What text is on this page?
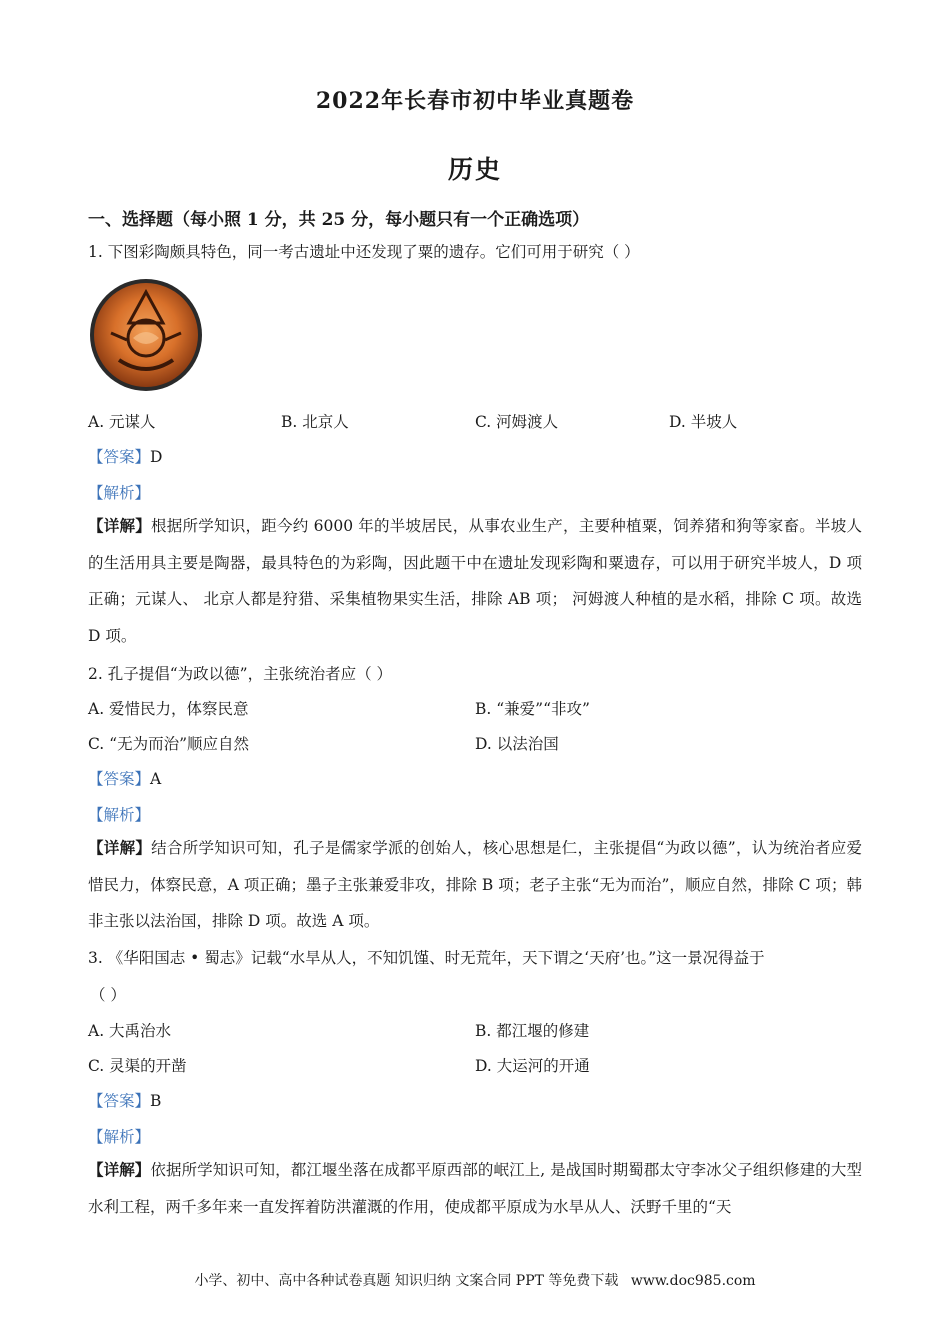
2022年长春市初中毕业真题卷
历史
一、选择题（每小照 1 分，共 25 分，每小题只有一个正确选项）
1. 下图彩陶颇具特色，同一考古遗址中还发现了粟的遗存。它们可用于研究（ ）
A. 元谋人	B. 北京人	C. 河姆渡人	D. 半坡人
【答案】D
【解析】
【详解】根据所学知识，距今约 6000 年的半坡居民，从事农业生产，主要种植粟，饲养猪和狗等家畜。半坡人的生活用具主要是陶器，最具特色的为彩陶，因此题干中在遗址发现彩陶和粟遗存，可以用于研究半坡人，D 项正确；元谋人、 北京人都是狩猎、采集植物果实生活，排除 AB 项； 河姆渡人种植的是水稻，排除 C 项。故选 D 项。
2. 孔子提倡“为政以德”，主张统治者应（ ）
A. 爱惜民力，体察民意	B. “兼爱”“非攻”
C. “无为而治”顺应自然	D. 以法治国
【答案】A
【解析】
【详解】结合所学知识可知，孔子是儒家学派的创始人，核心思想是仁，主张提倡“为政以德”，认为统治者应爱惜民力，体察民意，A 项正确；墨子主张兼爱非攻，排除 B 项；老子主张“无为而治”，顺应自然，排除 C 项；韩非主张以法治国，排除 D 项。故选 A 项。
3. 《华阳国志 • 蜀志》记载“水旱从人，不知饥馑、时无荒年，天下谓之‘天府’也。”这一景况得益于
（ ）
A. 大禹治水	B. 都江堰的修建
C. 灵渠的开凿	D. 大运河的开通
【答案】B
【解析】
【详解】依据所学知识可知，都江堰坐落在成都平原西部的岷江上, 是战国时期蜀郡太守李冰父子组织修建的大型水利工程，两千多年来一直发挥着防洪灌溉的作用，使成都平原成为水旱从人、沃野千里的“天
小学、初中、高中各种试卷真题 知识归纳 文案合同 PPT 等免费下载 www.doc985.com
